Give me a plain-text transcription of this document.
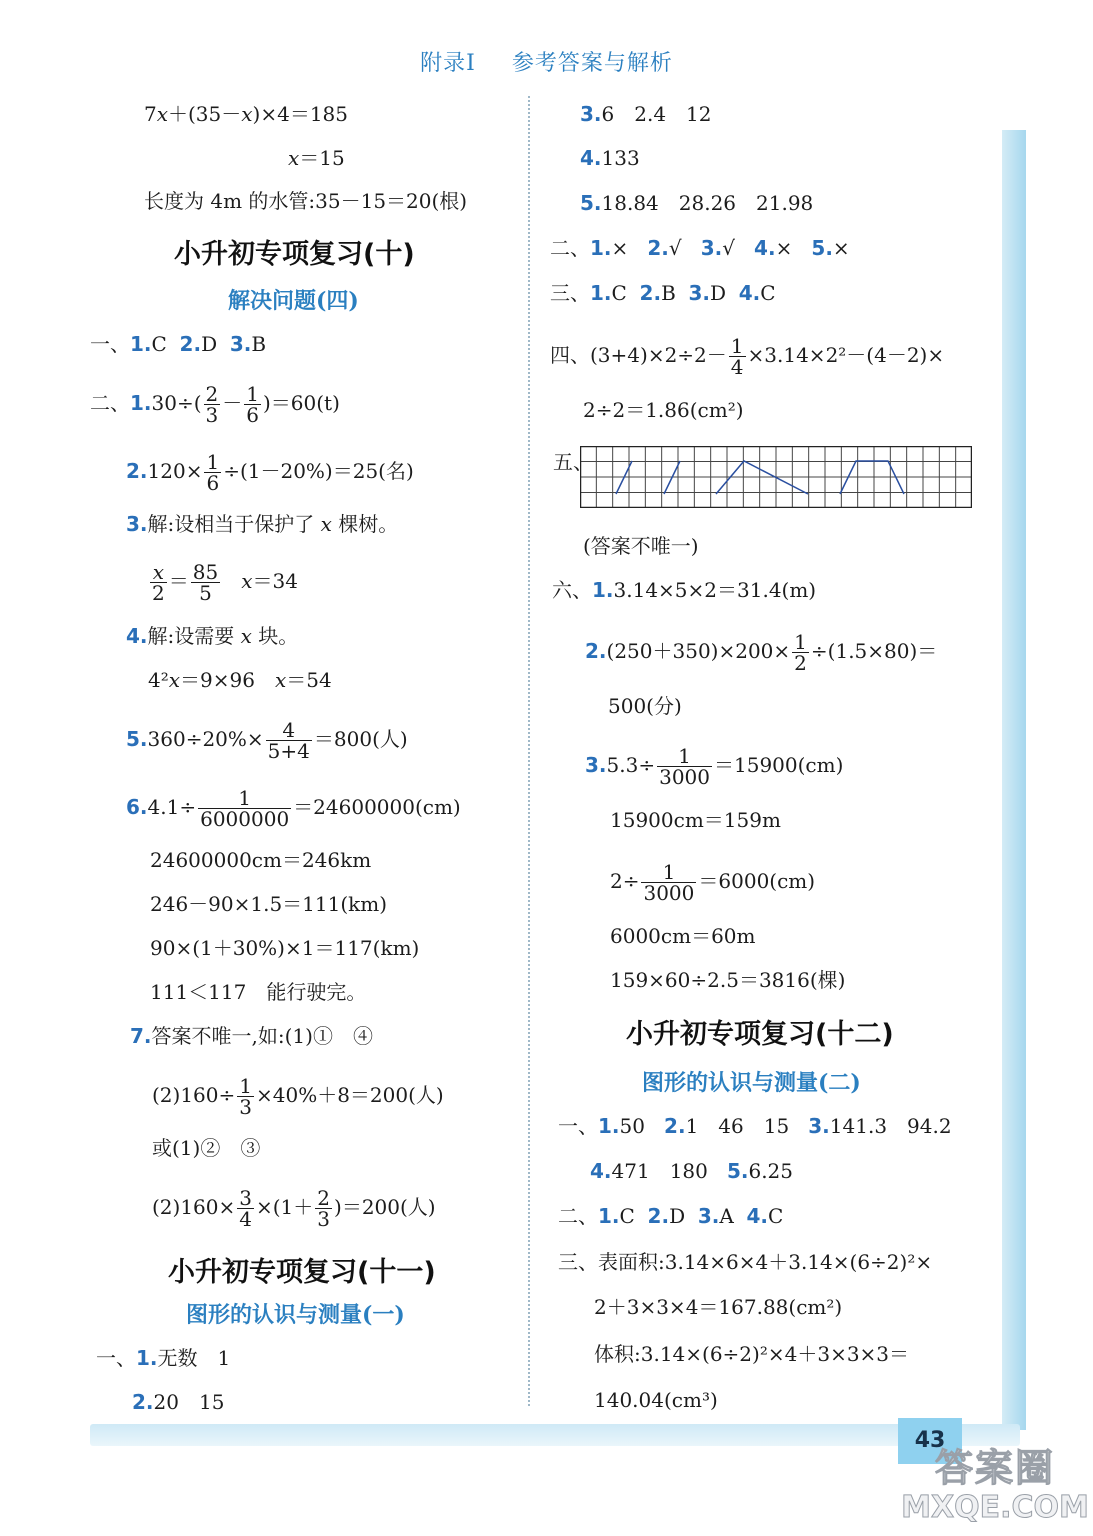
附录Ⅰ 参考答案与解析
7𝑥＋(35－𝑥)×4＝185
𝑥＝15
长度为 4m 的水管:35－15＝20(根)
小升初专项复习(十)
解决问题(四)
一、1.C 2.D 3.B
二、$1.30\div( \frac{2}{3} - \frac{1}{6} )=60(t)$
$2.120\times \frac{1}{6} \div(1-20\%)=25$(名)
3.解:设相当于保护了 𝑥 棵树。
$\frac{\text{𝑥}}{2} = \frac{85}{5}$ 𝑥＝34
4.解:设需要 𝑥 块。
4²𝑥＝9×96　𝑥＝54
$5.360\div 20\%\times \frac{4}{5+4} =800$(人)
$6.4.1\div \frac{1}{6000000} =24600000(cm)$
24600000cm＝246km
246－90×1.5＝111(km)
90×(1＋30%)×1＝117(km)
111＜117　能行驶完。
7.答案不唯一,如:(1)①　④
$(2)160\div \frac{1}{3} \times 40\%+8=200$(人)
或(1)②　③
$(2)160\times \frac{3}{4} \times(1+ \frac{2}{3} )=200$(人)
小升初专项复习(十一)
图形的认识与测量(一)
一、1.无数　1
2.20　15
3.6　2.4　12
4.133
5.18.84　28.26　21.98
二、1.× 2.√ 3.√ 4.× 5.×
三、1.C 2.B 3.D 4.C
四、$(3+4)\times 2\div 2- \frac{1}{4} \times 3.14\times 2^2-(4-2)\times$
2÷2＝1.86(cm²)
五、
(答案不唯一)
六、1.3.14×5×2＝31.4(m)
$2.(250+350)\times 200\times \frac{1}{2} \div(1.5\times 80)=$
500(分)
$3.5.3\div \frac{1}{3000} =15900(cm)$
15900cm＝159m
$2\div \frac{1}{3000} =6000(cm)$
6000cm＝60m
159×60÷2.5＝3816(棵)
小升初专项复习(十二)
图形的认识与测量(二)
一、1.50 2.1　46　15 3.141.3　94.2
4.471　180 5.6.25
二、1.C 2.D 3.A 4.C
三、表面积:3.14×6×4＋3.14×(6÷2)²×
2＋3×3×4＝167.88(cm²)
体积:3.14×(6÷2)²×4＋3×3×3＝
140.04(cm³)
43
答案圈
MXQE.COM
